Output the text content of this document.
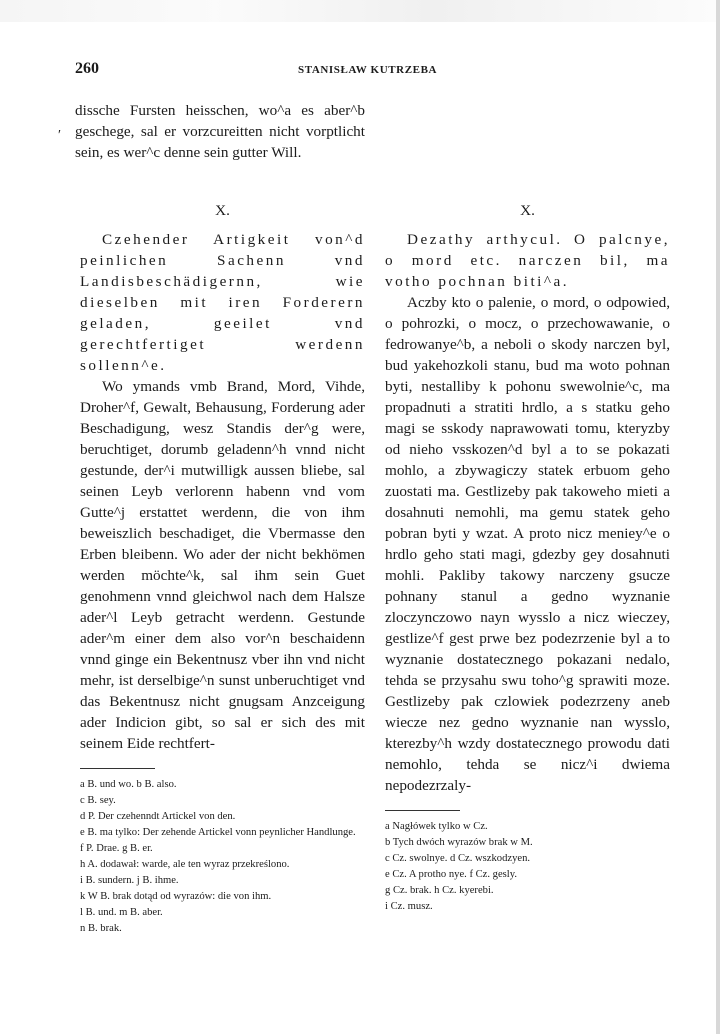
260	STANISŁAW KUTRZEBA
′

dissche Fursten heisschen, wo^a es aber^b geschege, sal er vorzcureitten nicht vorptlicht sein, es wer^c denne sein gutter Will.

X.

Czehender Artigkeit von^d peinlichen Sachenn vnd Landisbeschädigernn, wie dieselben mit iren Forderern geladen, geeilet vnd gerechtfertiget werdenn sollenn^e.

Wo ymands vmb Brand, Mord, Vihde, Droher^f, Gewalt, Behausung, Forderung ader Beschadigung, wesz Standis der^g were, beruchtiget, dorumb geladenn^h vnnd nicht gestunde, der^i mutwilligk aussen bliebe, sal seinen Leyb verlorenn habenn vnd vom Gutte^j erstattet werdenn, die von ihm beweiszlich beschadiget, die Vbermasse den Erben bleibenn. Wo ader der nicht bekhömen werden möchte^k, sal ihm sein Guet genohmenn vnnd gleichwol nach dem Halsze ader^l Leyb getracht werdenn. Gestunde ader^m einer dem also vor^n beschaidenn vnnd ginge ein Bekentnusz vber ihn vnd nicht mehr, ist derselbige^n sunst unberuchtiget vnd das Bekentnusz nicht gnugsam Anzceigung ader Indicion gibt, so sal er sich des mit seinem Eide rechtfert-

a B. und wo. b B. also.
c B. sey.
d P. Der czehenndt Artickel von den.
e B. ma tylko: Der zehende Artickel vonn peynlicher Handlunge.
f P. Drae. g B. er.
h A. dodawał: warde, ale ten wyraz przekreślono.
i B. sundern. j B. ihme.
k W B. brak dotąd od wyrazów: die von ihm.
l B. und. m B. aber.
n B. brak.
X.

Dezathy arthycul. O palcnye, o mord etc. narczen bil, ma votho pochnan biti^a.

Aczby kto o palenie, o mord, o odpowied, o pohrozki, o mocz, o przechowawanie, o fedrowanye^b, a neboli o skody narczen byl, bud yakehozkoli stanu, bud ma woto pohnan byti, nestalliby k pohonu swewolnie^c, ma propadnuti a stratiti hrdlo, a s statku geho magi se sskody naprawowati tomu, kteryzby od nieho vsskozen^d byl a to se pokazati mohlo, a zbywagiczy statek erbuom geho zuostati ma. Gestlizeby pak takoweho mieti a dosahnuti nemohli, ma gemu statek geho pobran byti y wzat. A proto nicz meniey^e o hrdlo geho stati magi, gdezby gey dosahnuti mohli. Pakliby takowy narczeny gsucze pohnany stanul a gedno wyznanie zloczynczowo nayn wysslo a nicz wieczey, gestlize^f gest prwe bez podezrzenie byl a to wyznanie dostatecznego pokazani nedalo, tehda se przysahu swu toho^g sprawiti moze. Gestlizeby pak czlowiek podezrzeny aneb wiecze nez gedno wyznanie nan wysslo, kterezby^h wzdy dostatecznego prowodu dati nemohlo, tehda se nicz^i dwiema nepodezrzaly-

a Nagłówek tylko w Cz.
b Tych dwóch wyrazów brak w M.
c Cz. swolnye. d Cz. wszkodzyen.
e Cz. A protho nye. f Cz. gesly.
g Cz. brak. h Cz. kyerebi.
i Cz. musz.
